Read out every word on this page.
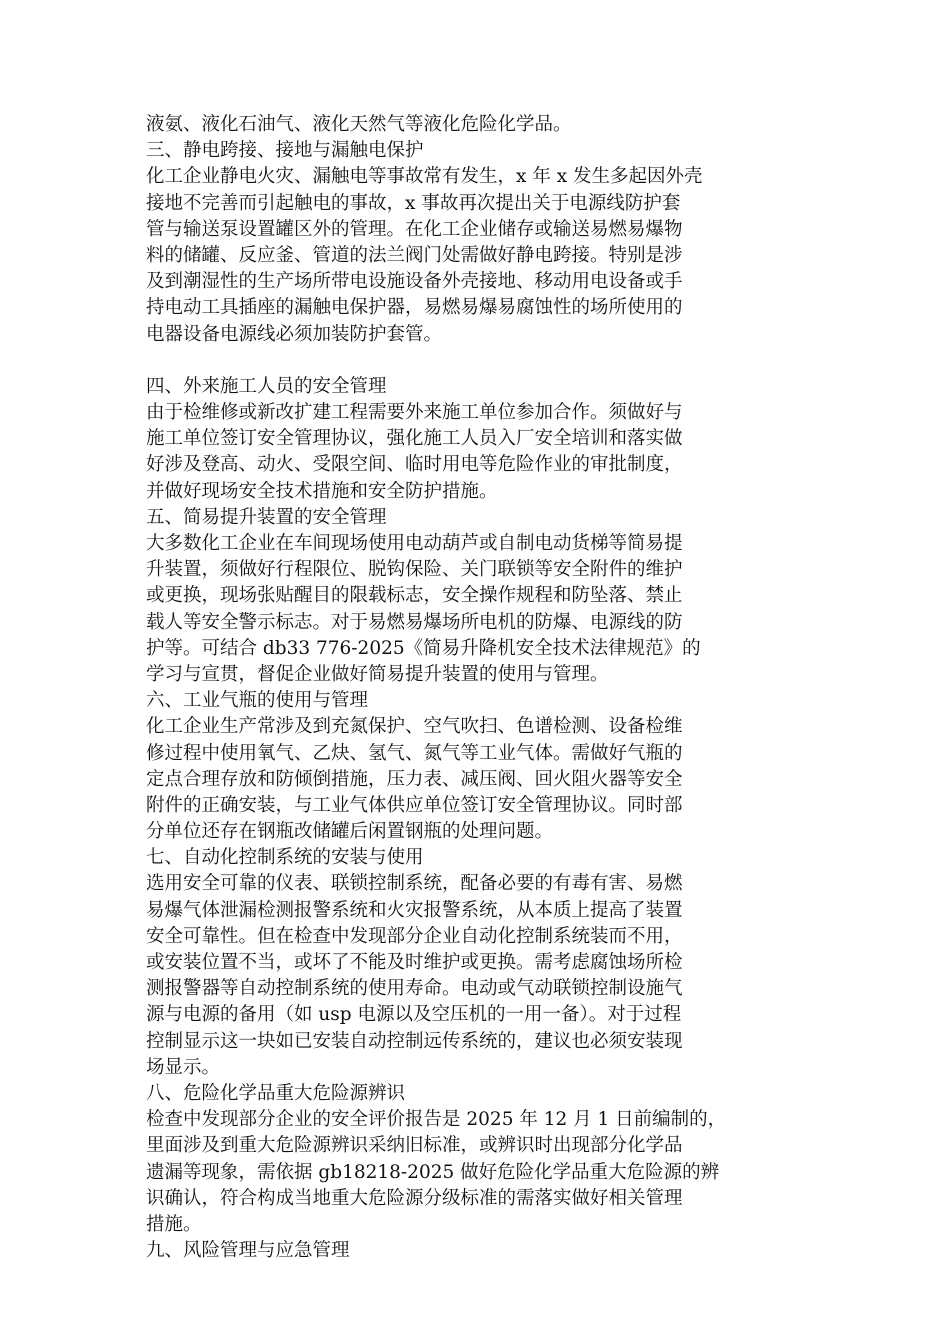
液氨、液化石油气、液化天然气等液化危险化学品。
三、静电跨接、接地与漏触电保护
化工企业静电火灾、漏触电等事故常有发生，x 年 x 发生多起因外壳
接地不完善而引起触电的事故，x 事故再次提出关于电源线防护套
管与输送泵设置罐区外的管理。在化工企业储存或输送易燃易爆物
料的储罐、反应釜、管道的法兰阀门处需做好静电跨接。特别是涉
及到潮湿性的生产场所带电设施设备外壳接地、移动用电设备或手
持电动工具插座的漏触电保护器，易燃易爆易腐蚀性的场所使用的
电器设备电源线必须加装防护套管。
四、外来施工人员的安全管理
由于检维修或新改扩建工程需要外来施工单位参加合作。须做好与
施工单位签订安全管理协议，强化施工人员入厂安全培训和落实做
好涉及登高、动火、受限空间、临时用电等危险作业的审批制度，
并做好现场安全技术措施和安全防护措施。
五、简易提升装置的安全管理
大多数化工企业在车间现场使用电动葫芦或自制电动货梯等简易提
升装置，须做好行程限位、脱钩保险、关门联锁等安全附件的维护
或更换，现场张贴醒目的限载标志，安全操作规程和防坠落、禁止
载人等安全警示标志。对于易燃易爆场所电机的防爆、电源线的防
护等。可结合 db33 776-2025《简易升降机安全技术法律规范》的
学习与宣贯，督促企业做好简易提升装置的使用与管理。
六、工业气瓶的使用与管理
化工企业生产常涉及到充氮保护、空气吹扫、色谱检测、设备检维
修过程中使用氧气、乙炔、氢气、氮气等工业气体。需做好气瓶的
定点合理存放和防倾倒措施，压力表、减压阀、回火阻火器等安全
附件的正确安装，与工业气体供应单位签订安全管理协议。同时部
分单位还存在钢瓶改储罐后闲置钢瓶的处理问题。
七、自动化控制系统的安装与使用
选用安全可靠的仪表、联锁控制系统，配备必要的有毒有害、易燃
易爆气体泄漏检测报警系统和火灾报警系统，从本质上提高了装置
安全可靠性。但在检查中发现部分企业自动化控制系统装而不用，
或安装位置不当，或坏了不能及时维护或更换。需考虑腐蚀场所检
测报警器等自动控制系统的使用寿命。电动或气动联锁控制设施气
源与电源的备用（如 usp 电源以及空压机的一用一备）。对于过程
控制显示这一块如已安装自动控制远传系统的，建议也必须安装现
场显示。
八、危险化学品重大危险源辨识
检查中发现部分企业的安全评价报告是 2025 年 12 月 1 日前编制的，
里面涉及到重大危险源辨识采纳旧标准，或辨识时出现部分化学品
遗漏等现象，需依据 gb18218-2025 做好危险化学品重大危险源的辨
识确认，符合构成当地重大危险源分级标准的需落实做好相关管理
措施。
九、风险管理与应急管理
